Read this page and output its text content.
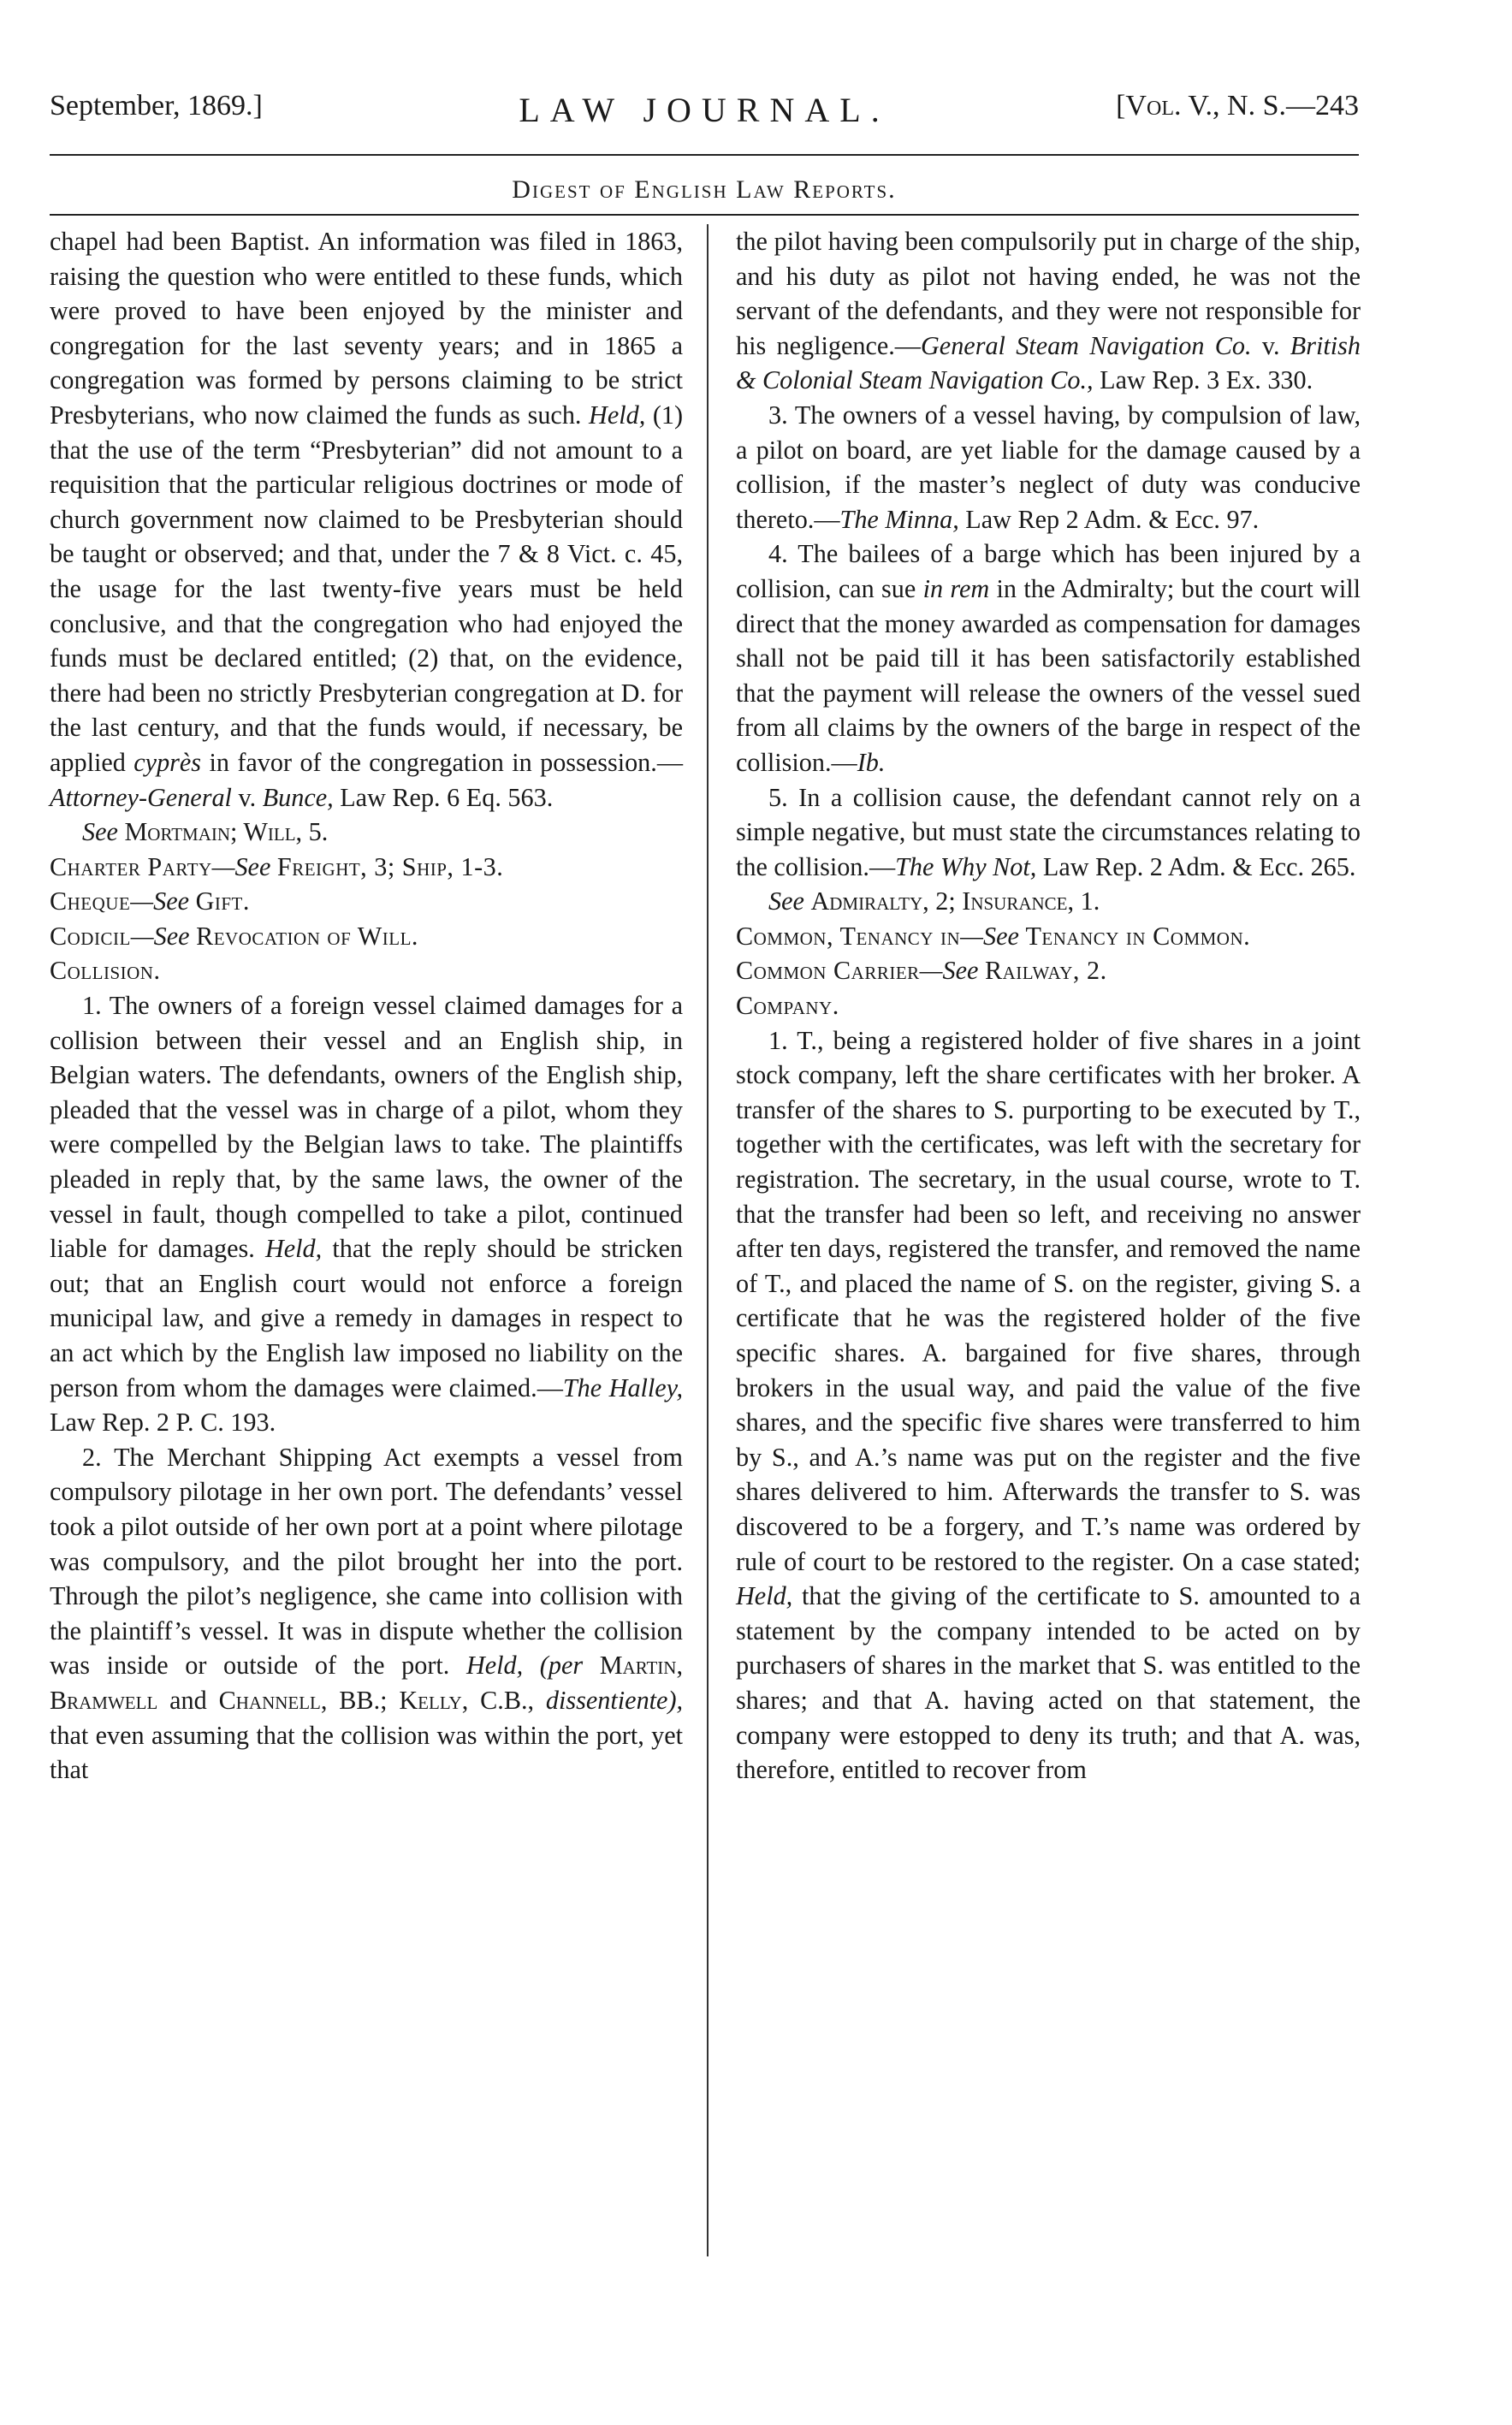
September, 1869.]	LAW JOURNAL.	[Vol. V., N. S.—243
Digest of English Law Reports.

chapel had been Baptist. An information was filed in 1863, raising the question who were entitled to these funds, which were proved to have been enjoyed by the minister and congregation for the last seventy years; and in 1865 a congregation was formed by persons claiming to be strict Presbyterians, who now claimed the funds as such. Held, (1) that the use of the term “Presbyterian” did not amount to a requisition that the particular religious doctrines or mode of church government now claimed to be Presbyterian should be taught or observed; and that, under the 7 & 8 Vict. c. 45, the usage for the last twenty-five years must be held conclusive, and that the congregation who had enjoyed the funds must be declared entitled; (2) that, on the evidence, there had been no strictly Presbyterian congregation at D. for the last century, and that the funds would, if necessary, be applied cyprès in favor of the congregation in possession.—Attorney-General v. Bunce, Law Rep. 6 Eq. 563.

See Mortmain; Will, 5.

Charter Party—See Freight, 3; Ship, 1-3.

Cheque—See Gift.

Codicil—See Revocation of Will.

Collision.

1. The owners of a foreign vessel claimed damages for a collision between their vessel and an English ship, in Belgian waters. The defendants, owners of the English ship, pleaded that the vessel was in charge of a pilot, whom they were compelled by the Belgian laws to take. The plaintiffs pleaded in reply that, by the same laws, the owner of the vessel in fault, though compelled to take a pilot, continued liable for damages. Held, that the reply should be stricken out; that an English court would not enforce a foreign municipal law, and give a remedy in damages in respect to an act which by the English law imposed no liability on the person from whom the damages were claimed.—The Halley, Law Rep. 2 P. C. 193.

2. The Merchant Shipping Act exempts a vessel from compulsory pilotage in her own port. The defendants’ vessel took a pilot outside of her own port at a point where pilotage was compulsory, and the pilot brought her into the port. Through the pilot’s negligence, she came into collision with the plaintiff’s vessel. It was in dispute whether the collision was inside or outside of the port. Held, (per Martin, Bramwell and Channell, BB.; Kelly, C.B., dissentiente), that even assuming that the collision was within the port, yet that

the pilot having been compulsorily put in charge of the ship, and his duty as pilot not having ended, he was not the servant of the defendants, and they were not responsible for his negligence.—General Steam Navigation Co. v. British & Colonial Steam Navigation Co., Law Rep. 3 Ex. 330.

3. The owners of a vessel having, by compulsion of law, a pilot on board, are yet liable for the damage caused by a collision, if the master’s neglect of duty was conducive thereto.—The Minna, Law Rep 2 Adm. & Ecc. 97.

4. The bailees of a barge which has been injured by a collision, can sue in rem in the Admiralty; but the court will direct that the money awarded as compensation for damages shall not be paid till it has been satisfactorily established that the payment will release the owners of the vessel sued from all claims by the owners of the barge in respect of the collision.—Ib.

5. In a collision cause, the defendant cannot rely on a simple negative, but must state the circumstances relating to the collision.—The Why Not, Law Rep. 2 Adm. & Ecc. 265.

See Admiralty, 2; Insurance, 1.

Common, Tenancy in—See Tenancy in Common.

Common Carrier—See Railway, 2.

Company.

1. T., being a registered holder of five shares in a joint stock company, left the share certificates with her broker. A transfer of the shares to S. purporting to be executed by T., together with the certificates, was left with the secretary for registration. The secretary, in the usual course, wrote to T. that the transfer had been so left, and receiving no answer after ten days, registered the transfer, and removed the name of T., and placed the name of S. on the register, giving S. a certificate that he was the registered holder of the five specific shares. A. bargained for five shares, through brokers in the usual way, and paid the value of the five shares, and the specific five shares were transferred to him by S., and A.’s name was put on the register and the five shares delivered to him. Afterwards the transfer to S. was discovered to be a forgery, and T.’s name was ordered by rule of court to be restored to the register. On a case stated; Held, that the giving of the certificate to S. amounted to a statement by the company intended to be acted on by purchasers of shares in the market that S. was entitled to the shares; and that A. having acted on that statement, the company were estopped to deny its truth; and that A. was, therefore, entitled to recover from
